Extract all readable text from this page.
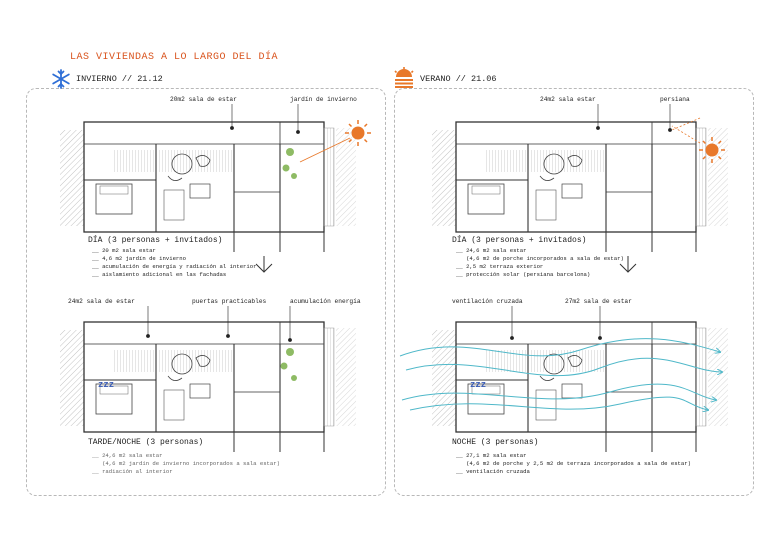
LAS VIVIENDAS A LO LARGO DEL DÍA
INVIERNO // 21.12	VERANO // 21.06
20m2 sala de estar	jardín de invierno
24m2 sala de estar	puertas practicables	acumulación energía
24m2 sala estar	persiana
ventilación cruzada	27m2 sala de estar
zzz	zzz
DÍA (3 personas + invitados)
__ 20 m2 sala estar
__ 4,6 m2 jardín de invierno
__ acumulación de energía y radiación al interior
__ aislamiento adicional en las fachadas
TARDE/NOCHE (3 personas)
__ 24,6 m2 sala estar
(4,6 m2 jardín de invierno incorporados a sala estar)
__ radiación al interior
DÍA (3 personas + invitados)
__ 24,6 m2 sala estar
(4,6 m2 de porche incorporados a sala de estar)
__ 2,5 m2 terraza exterior
__ protección solar (persiana barcelona)
NOCHE (3 personas)
__ 27,1 m2 sala estar
(4,6 m2 de porche y 2,5 m2 de terraza incorporados a sala de estar)
__ ventilación cruzada
